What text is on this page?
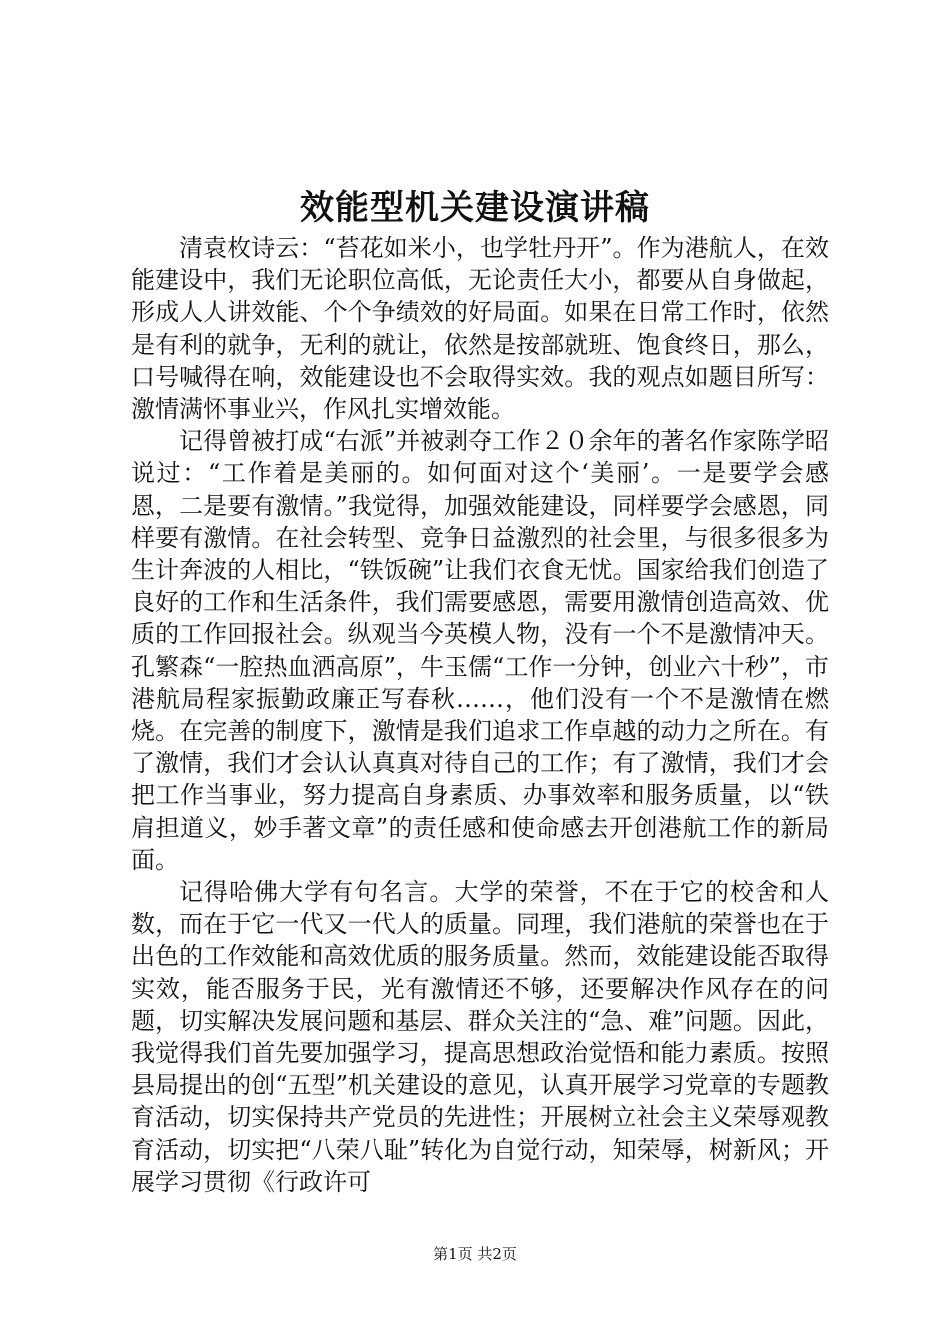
效能型机关建设演讲稿

清袁枚诗云：“苔花如米小，也学牡丹开”。作为港航人，在效能建设中，我们无论职位高低，无论责任大小，都要从自身做起，形成人人讲效能、个个争绩效的好局面。如果在日常工作时，依然是有利的就争，无利的就让，依然是按部就班、饱食终日，那么，口号喊得在响，效能建设也不会取得实效。我的观点如题目所写：激情满怀事业兴，作风扎实增效能。

记得曾被打成“右派”并被剥夺工作２０余年的著名作家陈学昭说过：“工作着是美丽的。如何面对这个‘美丽’。一是要学会感恩，二是要有激情。”我觉得，加强效能建设，同样要学会感恩，同样要有激情。在社会转型、竞争日益激烈的社会里，与很多很多为生计奔波的人相比，“铁饭碗”让我们衣食无忧。国家给我们创造了良好的工作和生活条件，我们需要感恩，需要用激情创造高效、优质的工作回报社会。纵观当今英模人物，没有一个不是激情冲天。孔繁森“一腔热血洒高原”，牛玉儒“工作一分钟，创业六十秒”，市港航局程家振勤政廉正写春秋……，他们没有一个不是激情在燃烧。在完善的制度下，激情是我们追求工作卓越的动力之所在。有了激情，我们才会认认真真对待自己的工作；有了激情，我们才会把工作当事业，努力提高自身素质、办事效率和服务质量，以“铁肩担道义，妙手著文章”的责任感和使命感去开创港航工作的新局面。

记得哈佛大学有句名言。大学的荣誉，不在于它的校舍和人数，而在于它一代又一代人的质量。同理，我们港航的荣誉也在于出色的工作效能和高效优质的服务质量。然而，效能建设能否取得实效，能否服务于民，光有激情还不够，还要解决作风存在的问题，切实解决发展问题和基层、群众关注的“急、难”问题。因此，我觉得我们首先要加强学习，提高思想政治觉悟和能力素质。按照县局提出的创“五型”机关建设的意见，认真开展学习党章的专题教育活动，切实保持共产党员的先进性；开展树立社会主义荣辱观教育活动，切实把“八荣八耻”转化为自觉行动，知荣辱，树新风；开展学习贯彻《行政许可

第1页 共2页
